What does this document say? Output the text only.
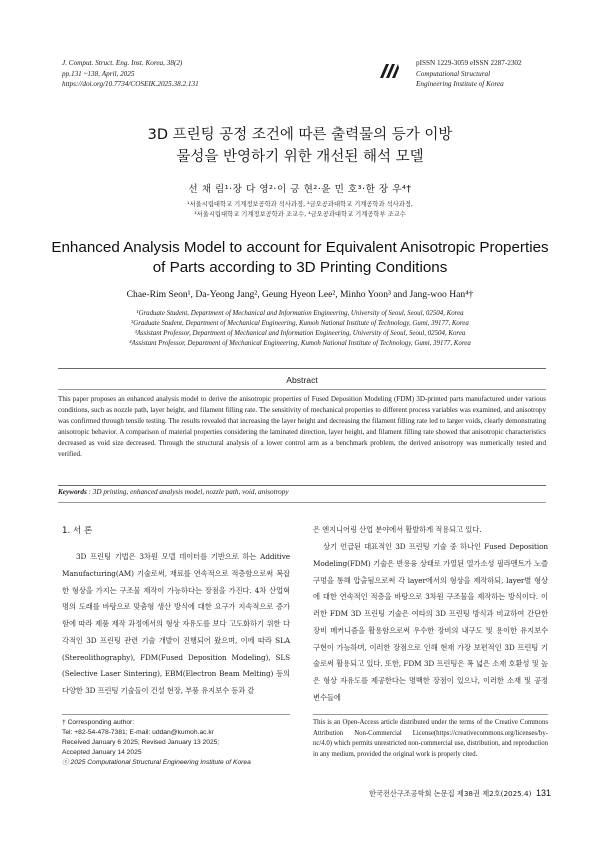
J. Comput. Struct. Eng. Inst. Korea, 38(2)
pp.131 ~138, April, 2025
https://doi.org/10.7734/COSEIK.2025.38.2.131
pISSN 1229-3059 eISSN 2287-2302
Computational Structural
Engineering Institute of Korea
3D 프린팅 공정 조건에 따른 출력물의 등가 이방
물성을 반영하기 위한 개선된 해석 모델
선 채 림¹·장 다 영²·이 긍 현²·윤 민 호³·한 장 우⁴†
¹서울시립대학교 기계정보공학과 석사과정, ²금오공과대학교 기계공학과 석사과정,
³서울시립대학교 기계정보공학과 조교수, ⁴금오공과대학교 기계공학부 조교수
Enhanced Analysis Model to account for Equivalent Anisotropic Properties
of Parts according to 3D Printing Conditions
Chae-Rim Seon¹, Da-Yeong Jang², Geung Hyeon Lee², Minho Yoon³ and Jang-woo Han⁴†
¹Graduate Student, Department of Mechanical and Information Engineering, University of Seoul, Seoul, 02504, Korea
²Graduate Student, Department of Mechanical Engineering, Kumoh National Institute of Technology, Gumi, 39177, Korea
³Assistant Professor, Department of Mechanical and Information Engineering, University of Seoul, Seoul, 02504, Korea
⁴Assistant Professor, Department of Mechanical Engineering, Kumoh National Institute of Technology, Gumi, 39177, Korea
Abstract
This paper proposes an enhanced analysis model to derive the anisotropic properties of Fused Deposition Modeling (FDM) 3D-printed parts manufactured under various conditions, such as nozzle path, layer height, and filament filling rate. The sensitivity of mechanical properties to different process variables was examined, and anisotropy was confirmed through tensile testing. The results revealed that increasing the layer height and decreasing the filament filling rate led to larger voids, clearly demonstrating anisotropic behavior. A comparison of material properties considering the laminated direction, layer height, and filament filling rate showed that anisotropic characteristics decreased as void size decreased. Through the structural analysis of a lower control arm as a benchmark problem, the derived anisotropy was numerically tested and verified.
Keywords : 3D printing, enhanced analysis model, nozzle path, void, anisotropy
1. 서 론
3D 프린팅 기법은 3차원 모델 데이터를 기반으로 하는 Additive Manufacturing(AM) 기술로써, 재료를 연속적으로 적층함으로써 복잡한 형상을 가지는 구조물 제작이 가능하다는 장점을 가진다. 4차 산업혁명의 도래를 바탕으로 맞춤형 생산 방식에 대한 요구가 지속적으로 증가함에 따라 제품 제작 과정에서의 형상 자유도를 보다 고도화하기 위한 다각적인 3D 프린팅 관련 기술 개발이 진행되어 왔으며, 이에 따라 SLA (Stereolithography), FDM(Fused Deposition Modeling), SLS (Selective Laser Sintering), EBM(Electron Beam Melting) 등의 다양한 3D 프린팅 기술들이 건설 현장, 부품 유지보수 등과 같
은 엔지니어링 산업 분야에서 활발하게 적용되고 있다.
상기 언급된 대표적인 3D 프린팅 기술 중 하나인 Fused Deposition Modeling(FDM) 기술은 반용융 상태로 가열된 열가소성 필라멘트가 노즐 구멍을 통해 압출됨으로써 각 layer에서의 형상을 제작하되, layer별 형상에 대한 연속적인 적층을 바탕으로 3차원 구조물을 제작하는 방식이다. 이러한 FDM 3D 프린팅 기술은 여타의 3D 프린팅 방식과 비교하여 간단한 장비 메커니즘을 활용함으로써 우수한 장비의 내구도 및 용이한 유지보수 구현이 가능하며, 이러한 장점으로 인해 현재 가장 보편적인 3D 프린팅 기술로써 활용되고 있다. 또한, FDM 3D 프린팅은 폭 넓은 소재 호환성 및 높은 형상 자유도를 제공한다는 명백한 장점이 있으나, 이러한 소재 및 공정 변수들에
† Corresponding author:
Tel: +82-54-478-7381; E-mail: uddan@kumoh.ac.kr
Received January 6 2025; Revised January 13 2025;
Accepted January 14 2025
ⓒ 2025 Computational Structural Engineering Institute of Korea
This is an Open-Access article distributed under the terms of the Creative Commons Attribution Non-Commercial License(https://creativecommons.org/licenses/by-nc/4.0) which permits unrestricted non-commercial use, distribution, and reproduction in any medium, provided the original work is properly cited.
한국전산구조공학회 논문집 제38권 제2호(2025.4) 131
